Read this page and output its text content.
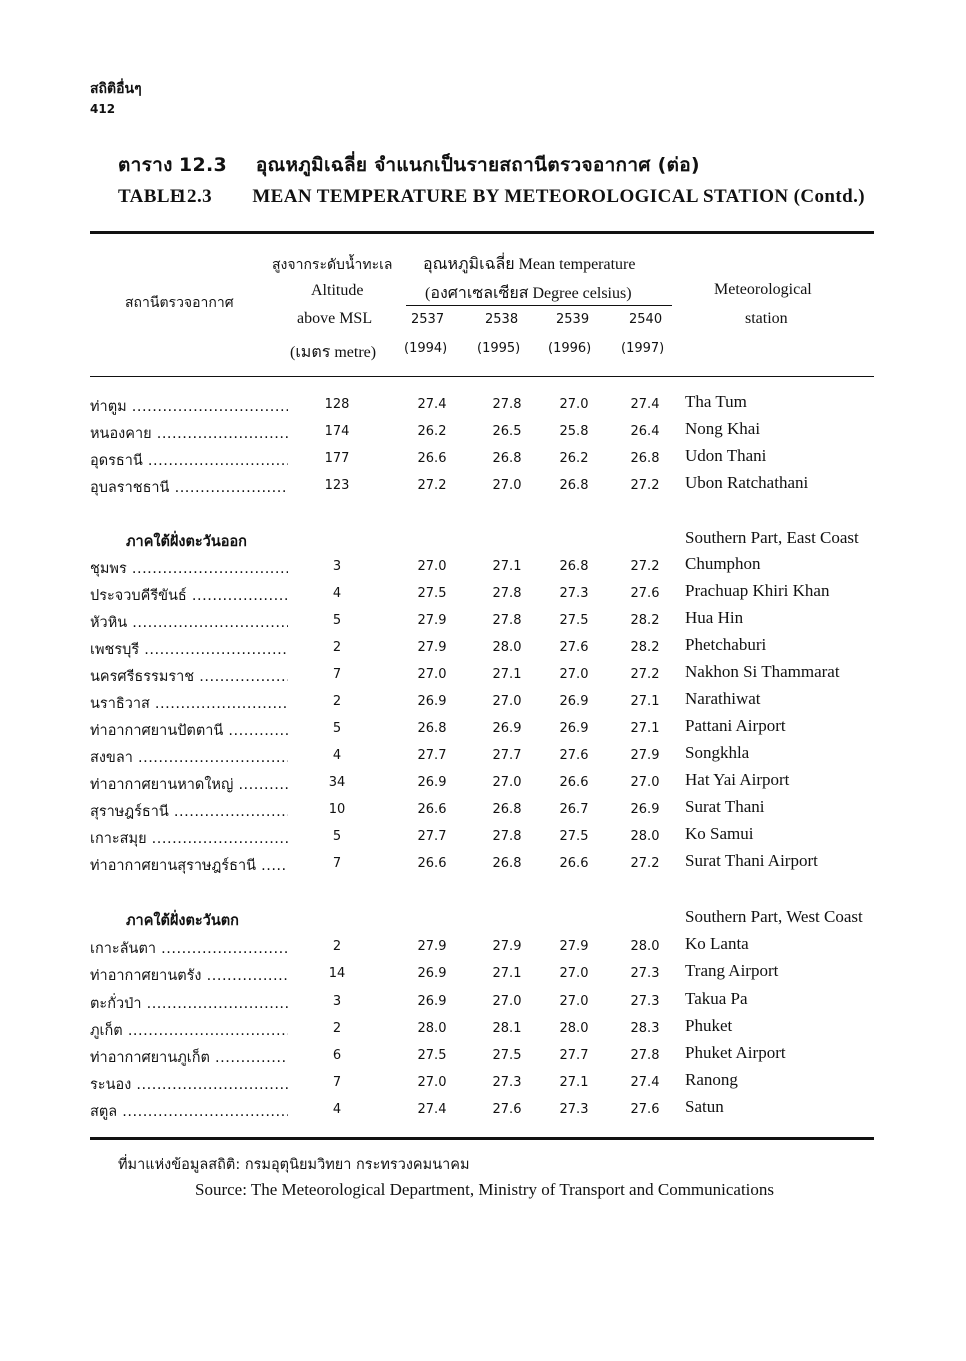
สถิติอื่นๆ
412
ตาราง 12.3 อุณหภูมิเฉลี่ย จำแนกเป็นรายสถานีตรวจอากาศ (ต่อ)
TABLE 12.3 MEAN TEMPERATURE BY METEOROLOGICAL STATION (Contd.)
สถานีตรวจอากาศ
สูงจากระดับน้ำทะเล
Altitude
above MSL
(เมตร metre)
อุณหภูมิเฉลี่ย Mean temperature
(องศาเซลเซียส Degree celsius)
2537	2538	2539	2540
(1994) (1995) (1996) (1997)
Meteorological
station
ท่าตูม .....	128	27.4	27.8	27.0	27.4	Tha Tum
หนองคาย .....	174	26.2	26.5	25.8	26.4	Nong Khai
อุดรธานี .....	177	26.6	26.8	26.2	26.8	Udon Thani
อุบลราชธานี .....	123	27.2	27.0	26.8	27.2	Ubon Ratchathani
ภาคใต้ฝั่งตะวันออก	Southern Part, East Coast
ชุมพร .....	3	27.0	27.1	26.8	27.2	Chumphon
ประจวบคีรีขันธ์ .....	4	27.5	27.8	27.3	27.6	Prachuap Khiri Khan
หัวหิน .....	5	27.9	27.8	27.5	28.2	Hua Hin
เพชรบุรี .....	2	27.9	28.0	27.6	28.2	Phetchaburi
นครศรีธรรมราช .....	7	27.0	27.1	27.0	27.2	Nakhon Si Thammarat
นราธิวาส .....	2	26.9	27.0	26.9	27.1	Narathiwat
ท่าอากาศยานปัตตานี .....	5	26.8	26.9	26.9	27.1	Pattani Airport
สงขลา .....	4	27.7	27.7	27.6	27.9	Songkhla
ท่าอากาศยานหาดใหญ่ .....	34	26.9	27.0	26.6	27.0	Hat Yai Airport
สุราษฎร์ธานี .....	10	26.6	26.8	26.7	26.9	Surat Thani
เกาะสมุย .....	5	27.7	27.8	27.5	28.0	Ko Samui
ท่าอากาศยานสุราษฎร์ธานี .....	7	26.6	26.8	26.6	27.2	Surat Thani Airport
ภาคใต้ฝั่งตะวันตก	Southern Part, West Coast
เกาะลันตา .....	2	27.9	27.9	27.9	28.0	Ko Lanta
ท่าอากาศยานตรัง .....	14	26.9	27.1	27.0	27.3	Trang Airport
ตะกั่วป่า .....	3	26.9	27.0	27.0	27.3	Takua Pa
ภูเก็ต .....	2	28.0	28.1	28.0	28.3	Phuket
ท่าอากาศยานภูเก็ต .....	6	27.5	27.5	27.7	27.8	Phuket Airport
ระนอง .....	7	27.0	27.3	27.1	27.4	Ranong
สตูล .....	4	27.4	27.6	27.3	27.6	Satun
ที่มาแห่งข้อมูลสถิติ: กรมอุตุนิยมวิทยา กระทรวงคมนาคม
Source: The Meteorological Department, Ministry of Transport and Communications
